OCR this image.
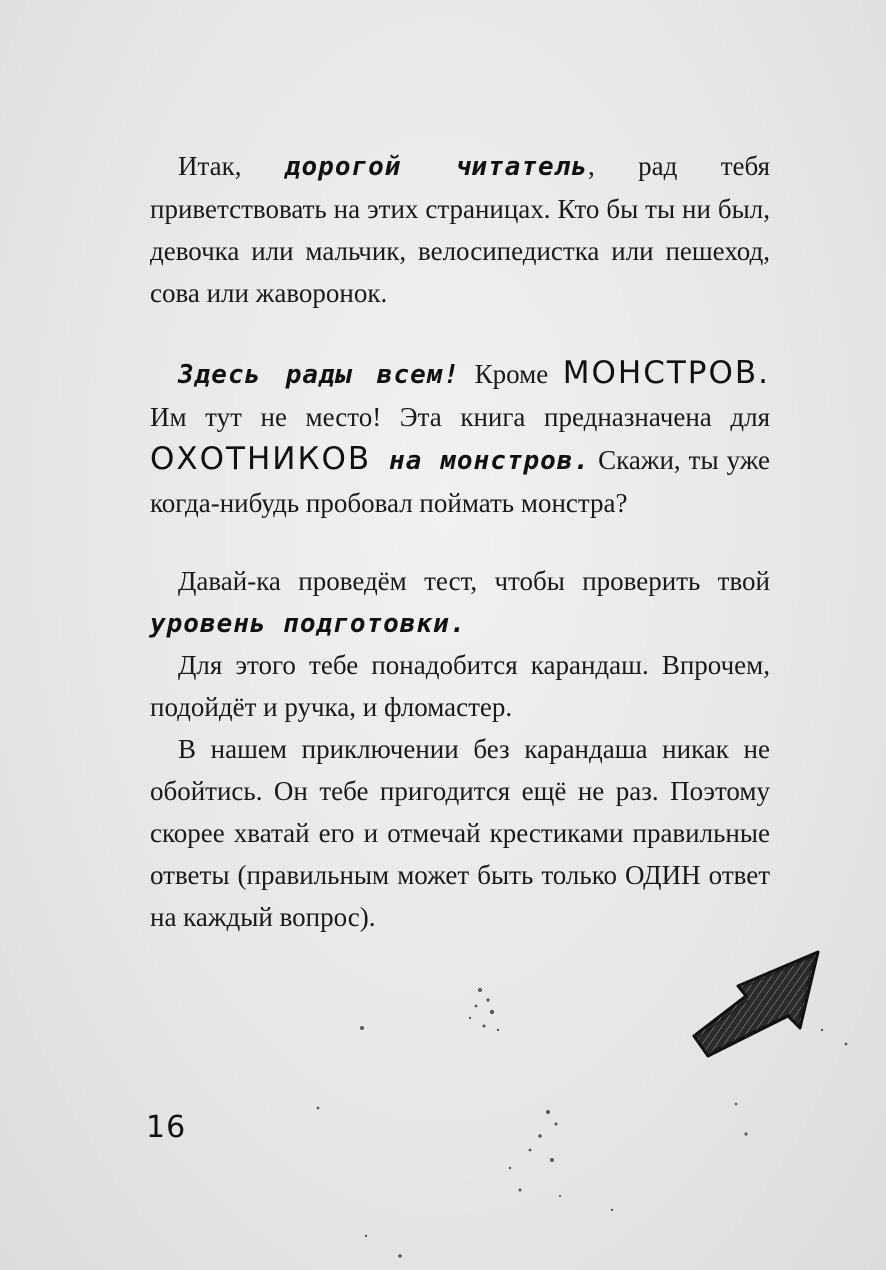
Итак, дорогой читатель, рад тебя приветствовать на этих страницах. Кто бы ты ни был, девочка или мальчик, велосипедистка или пешеход, сова или жаворонок.
Здесь рады всем! Кроме МОНСТРОВ. Им тут не место! Эта книга предназначена для ОХОТНИКОВ на монстров. Скажи, ты уже когда-нибудь пробовал поймать монстра?
Давай-ка проведём тест, чтобы проверить твой уровень подготовки.
Для этого тебе понадобится карандаш. Впрочем, подойдёт и ручка, и фломастер.
В нашем приключении без карандаша никак не обойтись. Он тебе пригодится ещё не раз. Поэтому скорее хватай его и отмечай крестиками правильные ответы (правильным может быть только ОДИН ответ на каждый вопрос).
16
